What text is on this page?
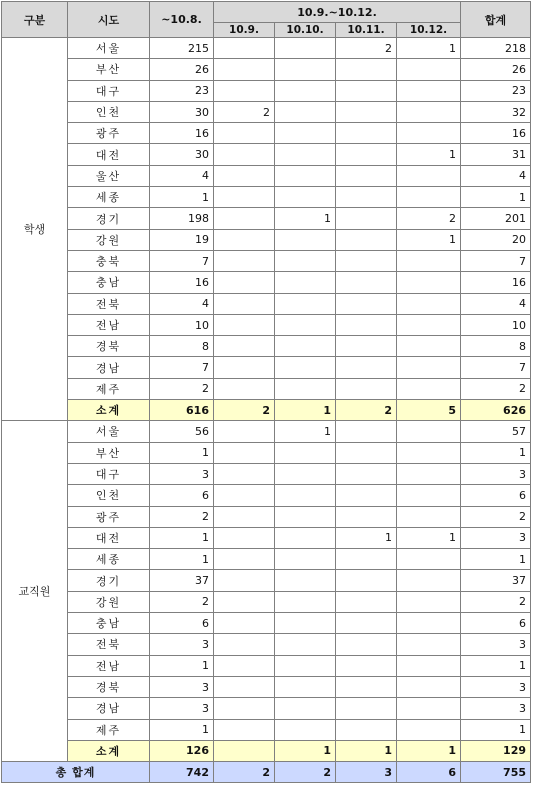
구분	시도	~10.8.	10.9.~10.12.				합계
			10.9.	10.10.	10.11.	10.12.	
학생	서울	215			2	1	218
	부산	26					26
	대구	23					23
	인천	30	2				32
	광주	16					16
	대전	30				1	31
	울산	4					4
	세종	1					1
	경기	198		1		2	201
	강원	19				1	20
	충북	7					7
	충남	16					16
	전북	4					4
	전남	10					10
	경북	8					8
	경남	7					7
	제주	2					2
	소계	616	2	1	2	5	626
교직원	서울	56		1			57
	부산	1					1
	대구	3					3
	인천	6					6
	광주	2					2
	대전	1			1	1	3
	세종	1					1
	경기	37					37
	강원	2					2
	충남	6					6
	전북	3					3
	전남	1					1
	경북	3					3
	경남	3					3
	제주	1					1
	소계	126		1	1	1	129
총 합계		742	2	2	3	6	755
